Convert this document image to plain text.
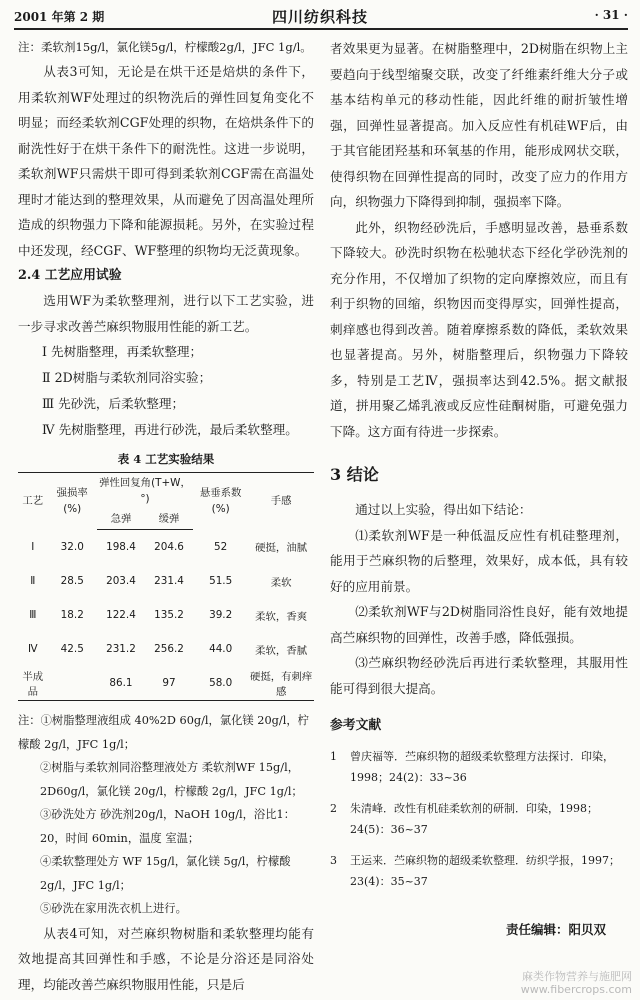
2001 年第 2 期	四川纺织科技	· 31 ·

注：柔软剂15g/l，氯化镁5g/l，柠檬酸2g/l，JFC 1g/l。

从表3可知，无论是在烘干还是焙烘的条件下，用柔软剂WF处理过的织物洗后的弹性回复角变化不明显；而经柔软剂CGF处理的织物，在焙烘条件下的耐洗性好于在烘干条件下的耐洗性。这进一步说明，柔软剂WF只需烘干即可得到柔软剂CGF需在高温处理时才能达到的整理效果，从而避免了因高温处理所造成的织物强力下降和能源损耗。另外，在实验过程中还发现，经CGF、WF整理的织物均无泛黄现象。

2.4 工艺应用试验

选用WF为柔软整理剂，进行以下工艺实验，进一步寻求改善苎麻织物服用性能的新工艺。

Ⅰ 先树脂整理，再柔软整理；

Ⅱ 2D树脂与柔软剂同浴实验；

Ⅲ 先砂洗，后柔软整理；

Ⅳ 先树脂整理，再进行砂洗，最后柔软整理。

表 4 工艺实验结果
工艺	强损率 (%)	弹性回复角(T+W，°)		悬垂系数(%)	手感
		急弹	缓弹		
Ⅰ	32.0	198.4	204.6	52	硬挺，油腻
Ⅱ	28.5	203.4	231.4	51.5	柔软
Ⅲ	18.2	122.4	135.2	39.2	柔软，香爽
Ⅳ	42.5	231.2	256.2	44.0	柔软，香腻
半成品		86.1	97	58.0	硬挺，有刺痒感

注：①树脂整理液组成 40%2D 60g/l，氯化镁 20g/l，柠檬酸 2g/l，JFC 1g/l；

②树脂与柔软剂同浴整理液处方 柔软剂WF 15g/l，2D60g/l，氯化镁 20g/l，柠檬酸 2g/l，JFC 1g/l；

③砂洗处方 砂洗剂20g/l，NaOH 10g/l，浴比1：20，时间 60min，温度 室温；

④柔软整理处方 WF 15g/l，氯化镁 5g/l，柠檬酸 2g/l，JFC 1g/l；

⑤砂洗在家用洗衣机上进行。

从表4可知，对苎麻织物树脂和柔软整理均能有效地提高其回弹性和手感，不论是分浴还是同浴处理，均能改善苎麻织物服用性能，只是后

者效果更为显著。在树脂整理中，2D树脂在织物上主要趋向于线型缩聚交联，改变了纤维素纤维大分子或基本结构单元的移动性能，因此纤维的耐折皱性增强，回弹性显著提高。加入反应性有机硅WF后，由于其官能团羟基和环氧基的作用，能形成网状交联，使得织物在回弹性提高的同时，改变了应力的作用方向，织物强力下降得到抑制，强损率下降。

此外，织物经砂洗后，手感明显改善，悬垂系数下降较大。砂洗时织物在松驰状态下经化学砂洗剂的充分作用，不仅增加了织物的定向摩擦效应，而且有利于织物的回缩，织物因而变得厚实，回弹性提高，刺痒感也得到改善。随着摩擦系数的降低，柔软效果也显著提高。另外，树脂整理后，织物强力下降较多，特别是工艺Ⅳ，强损率达到42.5%。据文献报道，拼用聚乙烯乳液或反应性硅酮树脂，可避免强力下降。这方面有待进一步探索。

3 结论

通过以上实验，得出如下结论：

⑴柔软剂WF是一种低温反应性有机硅整理剂，能用于苎麻织物的后整理，效果好，成本低，具有较好的应用前景。

⑵柔软剂WF与2D树脂同浴性良好，能有效地提高苎麻织物的回弹性，改善手感，降低强损。

⑶苎麻织物经砂洗后再进行柔软整理，其服用性能可得到很大提高。

参考文献
1	曾庆福等．苎麻织物的超级柔软整理方法探讨．印染，1998；24(2)：33~36
2	朱清峰．改性有机硅柔软剂的研制．印染，1998；24(5)：36~37
3	王运来．苎麻织物的超级柔软整理．纺织学报，1997；23(4)：35~37
责任编辑：阳贝双
麻类作物营养与施肥网
www.fibercrops.com
